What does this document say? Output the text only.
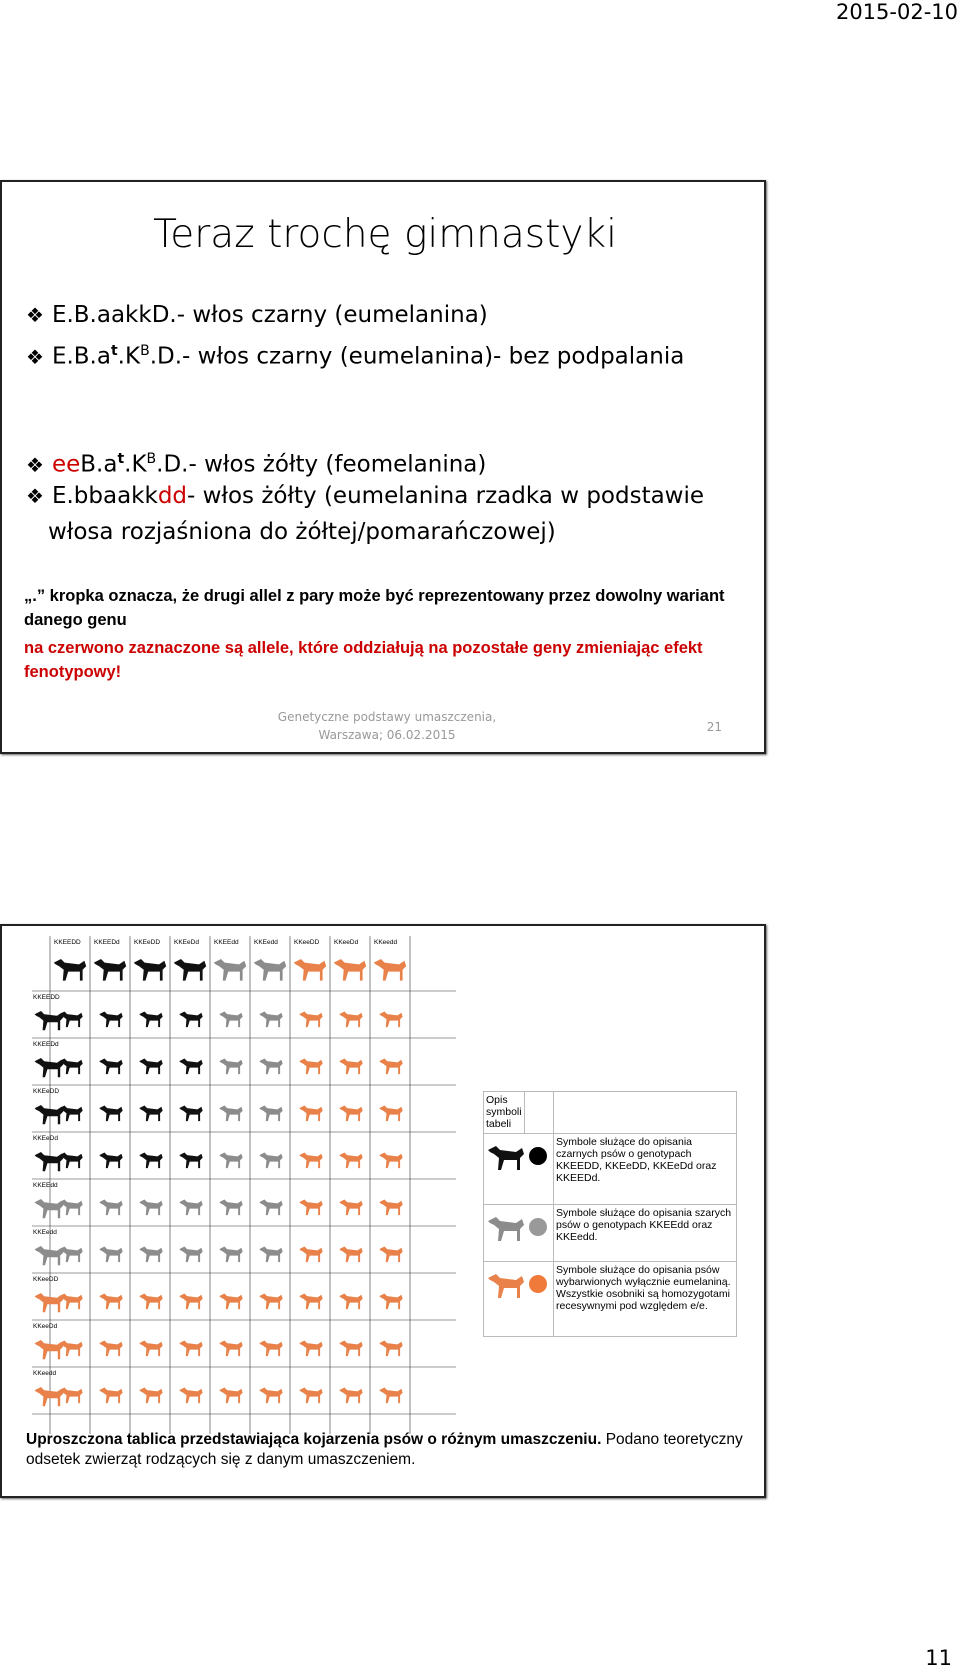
2015-02-10
Teraz trochę gimnastyki
❖ E.B.aakkD.- włos czarny (eumelanina)
❖ $E.B.a^t.K^B.D.-$ włos czarny (eumelanina)- bez podpalania
❖ $eeB.a^t.K^B.D.-$ włos żółty (feomelanina)
❖ E.bbaakkdd- włos żółty (eumelanina rzadka w podstawie
włosa rozjaśniona do żółtej/pomarańczowej)
„.” kropka oznacza, że drugi allel z pary może być reprezentowany przez dowolny wariant danego genu
na czerwono zaznaczone są allele, które oddziałują na pozostałe geny zmieniając efekt fenotypowy!
Genetyczne podstawy umaszczenia,
Warszawa; 06.02.2015
21
KKEEDD KKEEDd KKEeDD KKEeDd KKEEdd KKEedd KKeeDD KKeeDd KKeedd
KKEEDD
KKEEDd
KKEeDD
KKEeDd
KKEEdd
KKEedd
KKeeDD
KKeeDd
KKeedd
Opis symboli tabeli		
	Symbole służące do opisania czarnych psów o genotypach KKEEDD, KKEeDD, KKEeDd oraz KKEEDd.
	Symbole służące do opisania szarych psów o genotypach KKEEdd oraz KKEedd.
	Symbole służące do opisania psów wybarwionych wyłącznie eumelaniną. Wszystkie osobniki są homozygotami recesywnymi pod względem e/e.
Uproszczona tablica przedstawiająca kojarzenia psów o różnym umaszczeniu. Podano teoretyczny odsetek zwierząt rodzących się z danym umaszczeniem.
11
